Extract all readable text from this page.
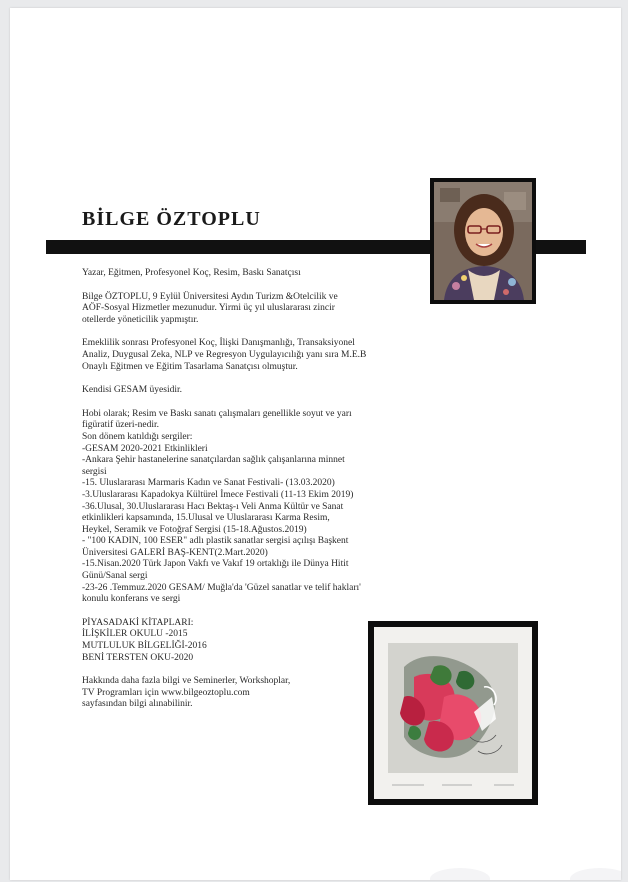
BİLGE ÖZTOPLU

Yazar, Eğitmen, Profesyonel Koç, Resim, Baskı Sanatçısı

Bilge ÖZTOPLU, 9 Eylül Üniversitesi Aydın Turizm &Otelcilik ve
AÖF-Sosyal Hizmetler mezunudur. Yirmi üç yıl uluslararası zincir
otellerde yöneticilik yapmıştır.

Emeklilik sonrası Profesyonel Koç, İlişki Danışmanlığı, Transaksiyonel
Analiz, Duygusal Zeka, NLP ve Regresyon Uygulayıcılığı yanı sıra M.E.B
Onaylı Eğitmen ve Eğitim Tasarlama Sanatçısı olmuştur.

Kendisi GESAM üyesidir.

Hobi olarak; Resim ve Baskı sanatı çalışmaları genellikle soyut ve yarı
figüratif üzeri-nedir.
Son dönem katıldığı sergiler:
-GESAM 2020-2021 Etkinlikleri
-Ankara Şehir hastanelerine sanatçılardan sağlık çalışanlarına minnet
sergisi
-15. Uluslararası Marmaris Kadın ve Sanat Festivali- (13.03.2020)
-3.Uluslararası Kapadokya Kültürel İmece Festivali (11-13 Ekim 2019)
-36.Ulusal, 30.Uluslararası Hacı Bektaş-ı Veli Anma Kültür ve Sanat
etkinlikleri kapsamında, 15.Ulusal ve Uluslararası Karma Resim,
Heykel, Seramik ve Fotoğraf Sergisi (15-18.Ağustos.2019)
- "100 KADIN, 100 ESER" adlı plastik sanatlar sergisi açılışı Başkent
Üniversitesi GALERİ BAŞ-KENT(2.Mart.2020)
-15.Nisan.2020 Türk Japon Vakfı ve Vakıf 19 ortaklığı ile Dünya Hitit
Günü/Sanal sergi
-23-26 .Temmuz.2020 GESAM/ Muğla'da 'Güzel sanatlar ve telif hakları'
konulu konferans ve sergi

PİYASADAKİ KİTAPLARI:
İLİŞKİLER OKULU -2015
MUTLULUK BİLGELİĞİ-2016
BENİ TERSTEN OKU-2020

Hakkında daha fazla bilgi ve Seminerler, Workshoplar,
TV Programları için www.bilgeoztoplu.com
sayfasından bilgi alınabilinir.
